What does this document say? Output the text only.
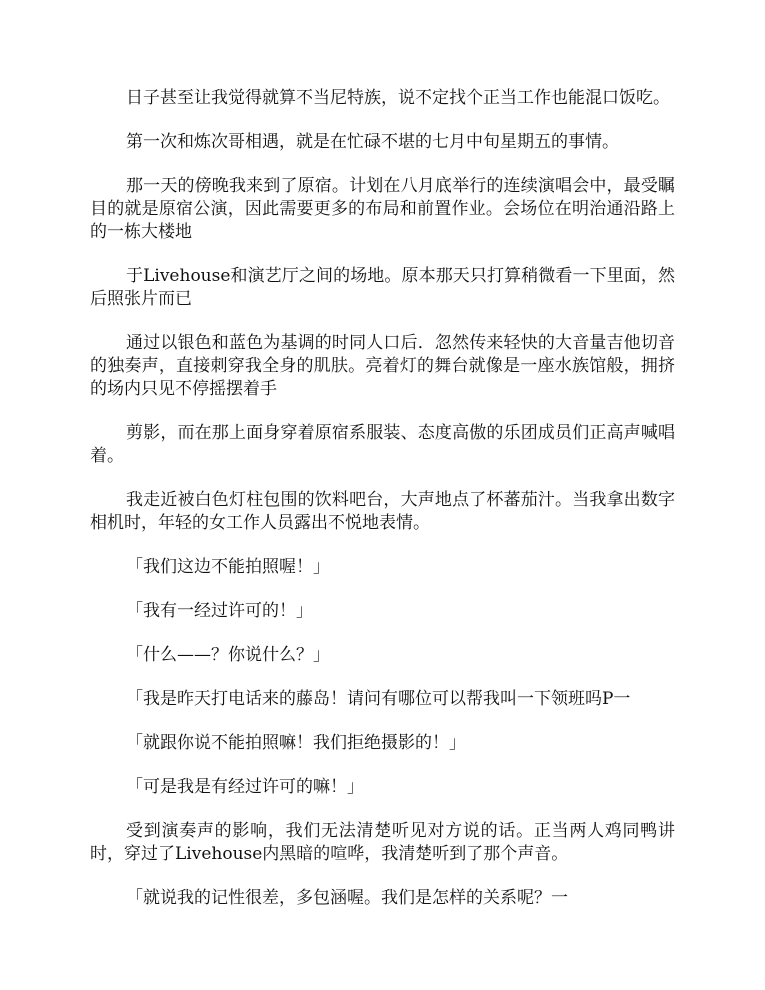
日子甚至让我觉得就算不当尼特族，说不定找个正当工作也能混口饭吃。

第一次和炼次哥相遇，就是在忙碌不堪的七月中旬星期五的事情。

那一天的傍晚我来到了原宿。计划在八月底举行的连续演唱会中，最受瞩目的就是原宿公演，因此需要更多的布局和前置作业。会场位在明治通沿路上的一栋大楼地

于Livehouse和演艺厅之间的场地。原本那天只打算稍微看一下里面，然后照张片而已

通过以银色和蓝色为基调的时同人口后．忽然传来轻快的大音量吉他切音的独奏声，直接刺穿我全身的肌肤。亮着灯的舞台就像是一座水族馆般，拥挤的场内只见不停摇摆着手

剪影，而在那上面身穿着原宿系服装、态度高傲的乐团成员们正高声喊唱着。

我走近被白色灯柱包围的饮料吧台，大声地点了杯蕃茄汁。当我拿出数字相机时，年轻的女工作人员露出不悦地表情。

「我们这边不能拍照喔！」

「我有一经过许可的！」

「什么——？你说什么？」

「我是昨天打电话来的藤岛！请问有哪位可以帮我叫一下领班吗P一

「就跟你说不能拍照嘛！我们拒绝摄影的！」

「可是我是有经过许可的嘛！」

受到演奏声的影响，我们无法清楚听见对方说的话。正当两人鸡同鸭讲时，穿过了Livehouse内黑暗的喧哗，我清楚听到了那个声音。

「就说我的记性很差，多包涵喔。我们是怎样的关系呢？一
